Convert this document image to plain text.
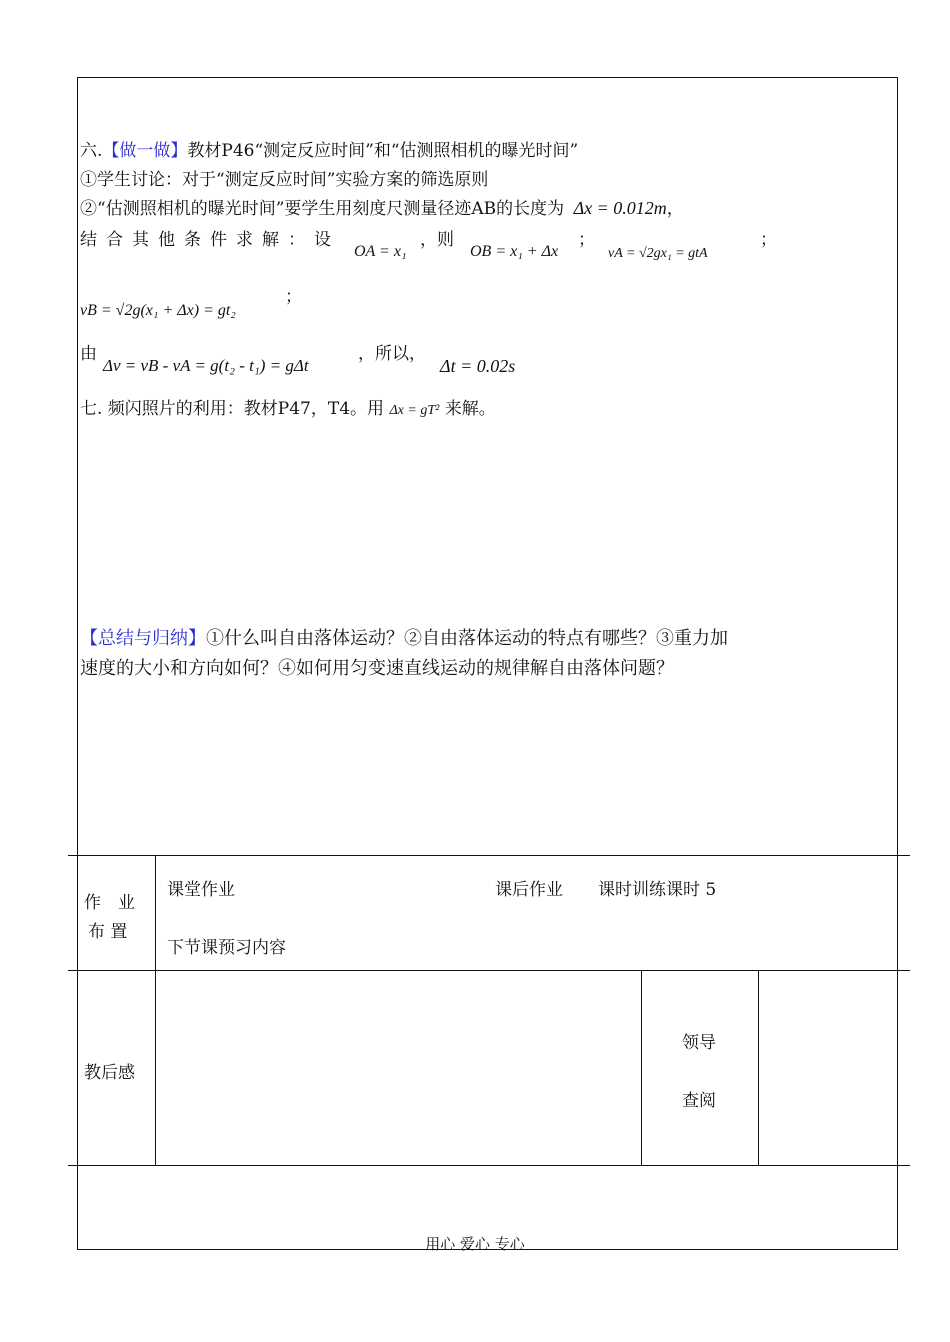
六.【做一做】教材P46“测定反应时间”和“估测照相机的曝光时间”
①学生讨论：对于“测定反应时间”实验方案的筛选原则
②“估测照相机的曝光时间”要学生用刻度尺测量径迹AB的长度为 Δx = 0.012m，
结合其他条件求解：设
OA = x₁
，则
OB = x₁ + Δx
；
vA = √2gx₁ = gtA
；
vB = √2g(x₁ + Δx) = gt₂
；
由
Δv = vB - vA = g(t₂ - t₁) = gΔt
，所以，
Δt = 0.02s
七. 频闪照片的利用：教材P47，T4。用 Δx = gT² 来解。
【总结与归纳】①什么叫自由落体运动？②自由落体运动的特点有哪些？③重力加
速度的大小和方向如何？④如何用匀变速直线运动的规律解自由落体问题？
作　业
布 置
课堂作业	课后作业 课时训练课时 5
下节课预习内容
教后感
领导
查阅
用心 爱心 专心
